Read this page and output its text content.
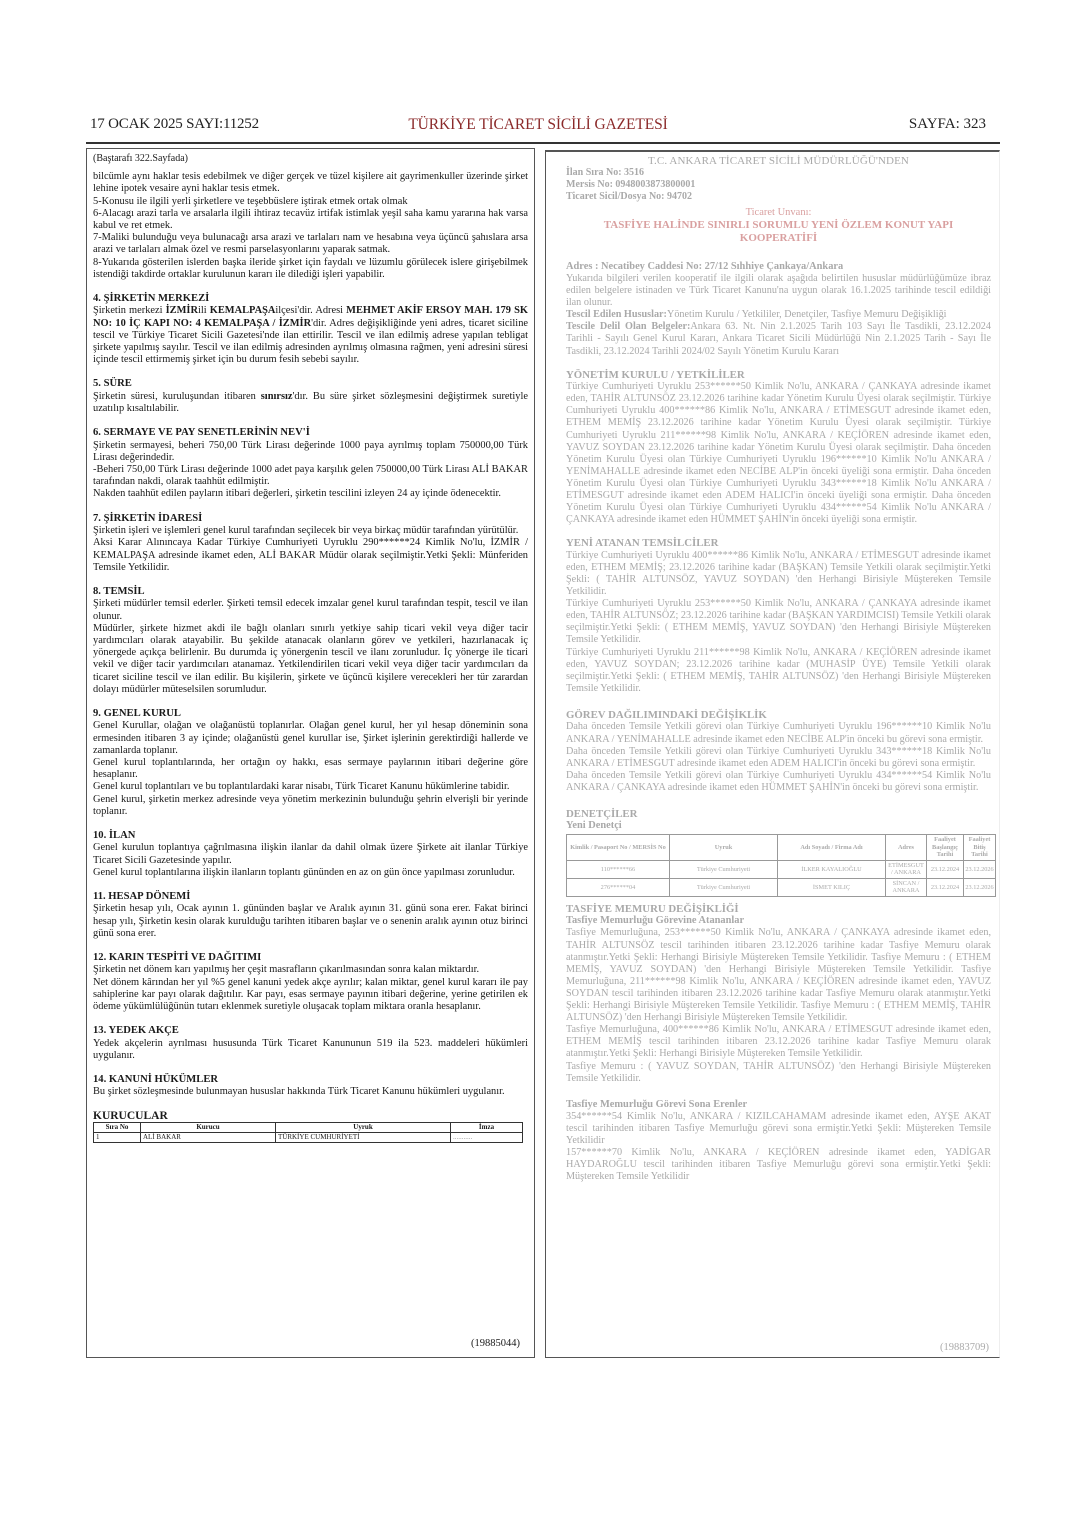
17 OCAK 2025 SAYI:11252	TÜRKİYE TİCARET SİCİLİ GAZETESİ	SAYFA: 323

(Baştarafı 322.Sayfada)

bilcümle aynı haklar tesis edebilmek ve diğer gerçek ve tüzel kişilere ait gayrimenkuller üzerinde şirket lehine ipotek vesaire ayni haklar tesis etmek.

5-Konusu ile ilgili yerli şirketlere ve teşebbüslere iştirak etmek ortak olmak

6-Alacagı arazi tarla ve arsalarla ilgili ihtiraz tecavüz irtifak istimlak yeşil saha kamu yararına hak varsa kabul ve ret etmek.

7-Maliki bulunduğu veya bulunacağı arsa arazi ve tarlaları nam ve hesabına veya üçüncü şahıslara arsa arazi ve tarlaları almak özel ve resmi parselasyonlarını yaparak satmak.

8-Yukarıda gösterilen islerden başka ileride şirket için faydalı ve lüzumlu görülecek islere girişebilmek istendiği takdirde ortaklar kurulunun kararı ile dilediği işleri yapabilir.

4. ŞİRKETİN MERKEZİ

Şirketin merkezi İZMİRili KEMALPAŞAilçesi'dir. Adresi MEHMET AKİF ERSOY MAH. 179 SK NO: 10 İÇ KAPI NO: 4 KEMALPAŞA / İZMİR'dir. Adres değişikliğinde yeni adres, ticaret siciline tescil ve Türkiye Ticaret Sicili Gazetesi'nde ilan ettirilir. Tescil ve ilan edilmiş adrese yapılan tebligat şirkete yapılmış sayılır. Tescil ve ilan edilmiş adresinden ayrılmış olmasına rağmen, yeni adresini süresi içinde tescil ettirmemiş şirket için bu durum fesih sebebi sayılır.

5. SÜRE

Şirketin süresi, kuruluşundan itibaren sınırsız'dır. Bu süre şirket sözleşmesini değiştirmek suretiyle uzatılıp kısaltılabilir.

6. SERMAYE VE PAY SENETLERİNİN NEV'İ

Şirketin sermayesi, beheri 750,00 Türk Lirası değerinde 1000 paya ayrılmış toplam 750000,00 Türk Lirası değerindedir.

-Beheri 750,00 Türk Lirası değerinde 1000 adet paya karşılık gelen 750000,00 Türk Lirası ALİ BAKAR tarafından nakdi, olarak taahhüt edilmiştir.

Nakden taahhüt edilen payların itibari değerleri, şirketin tescilini izleyen 24 ay içinde ödenecektir.

7. ŞİRKETİN İDARESİ

Şirketin işleri ve işlemleri genel kurul tarafından seçilecek bir veya birkaç müdür tarafından yürütülür.

Aksi Karar Alınıncaya Kadar Türkiye Cumhuriyeti Uyruklu 290******24 Kimlik No'lu, İZMİR / KEMALPAŞA adresinde ikamet eden, ALİ BAKAR Müdür olarak seçilmiştir.Yetki Şekli: Münferiden Temsile Yetkilidir.

8. TEMSİL

Şirketi müdürler temsil ederler. Şirketi temsil edecek imzalar genel kurul tarafından tespit, tescil ve ilan olunur.

Müdürler, şirkete hizmet akdi ile bağlı olanları sınırlı yetkiye sahip ticari vekil veya diğer tacir yardımcıları olarak atayabilir. Bu şekilde atanacak olanların görev ve yetkileri, hazırlanacak iç yönergede açıkça belirlenir. Bu durumda iç yönergenin tescil ve ilanı zorunludur. İç yönerge ile ticari vekil ve diğer tacir yardımcıları atanamaz. Yetkilendirilen ticari vekil veya diğer tacir yardımcıları da ticaret siciline tescil ve ilan edilir. Bu kişilerin, şirkete ve üçüncü kişilere verecekleri her tür zarardan dolayı müdürler müteselsilen sorumludur.

9. GENEL KURUL

Genel Kurullar, olağan ve olağanüstü toplanırlar. Olağan genel kurul, her yıl hesap döneminin sona ermesinden itibaren 3 ay içinde; olağanüstü genel kurullar ise, Şirket işlerinin gerektirdiği hallerde ve zamanlarda toplanır.

Genel kurul toplantılarında, her ortağın oy hakkı, esas sermaye paylarının itibari değerine göre hesaplanır.

Genel kurul toplantıları ve bu toplantılardaki karar nisabı, Türk Ticaret Kanunu hükümlerine tabidir.

Genel kurul, şirketin merkez adresinde veya yönetim merkezinin bulunduğu şehrin elverişli bir yerinde toplanır.

10. İLAN

Genel kurulun toplantıya çağrılmasına ilişkin ilanlar da dahil olmak üzere Şirkete ait ilanlar Türkiye Ticaret Sicili Gazetesinde yapılır.

Genel kurul toplantılarına ilişkin ilanların toplantı gününden en az on gün önce yapılması zorunludur.

11. HESAP DÖNEMİ

Şirketin hesap yılı, Ocak ayının 1. gününden başlar ve Aralık ayının 31. günü sona erer. Fakat birinci hesap yılı, Şirketin kesin olarak kurulduğu tarihten itibaren başlar ve o senenin aralık ayının otuz birinci günü sona erer.

12. KARIN TESPİTİ VE DAĞITIMI

Şirketin net dönem karı yapılmış her çeşit masrafların çıkarılmasından sonra kalan miktardır.

Net dönem kârından her yıl %5 genel kanuni yedek akçe ayrılır; kalan miktar, genel kurul kararı ile pay sahiplerine kar payı olarak dağıtılır. Kar payı, esas sermaye payının itibari değerine, yerine getirilen ek ödeme yükümlülüğünün tutarı eklenmek suretiyle oluşacak toplam miktara oranla hesaplanır.

13. YEDEK AKÇE

Yedek akçelerin ayrılması hususunda Türk Ticaret Kanununun 519 ila 523. maddeleri hükümleri uygulanır.

14. KANUNİ HÜKÜMLER

Bu şirket sözleşmesinde bulunmayan hususlar hakkında Türk Ticaret Kanunu hükümleri uygulanır.

KURUCULAR

Sıra No	Kurucu	Uyruk	İmza
1	ALİ BAKAR	TÜRKİYE CUMHURİYETİ	...........
(19885044)

T.C. ANKARA TİCARET SİCİLİ MÜDÜRLÜĞÜ'NDEN

İlan Sıra No: 3516

Mersis No: 0948003873800001

Ticaret Sicil/Dosya No: 94702

Ticaret Unvanı:

TASFİYE HALİNDE SINIRLI SORUMLU YENİ ÖZLEM KONUT YAPI KOOPERATİFİ

Adres : Necatibey Caddesi No: 27/12 Sıhhiye Çankaya/Ankara

Yukarıda bilgileri verilen kooperatif ile ilgili olarak aşağıda belirtilen hususlar müdürlüğümüze ibraz edilen belgelere istinaden ve Türk Ticaret Kanunu'na uygun olarak 16.1.2025 tarihinde tescil edildiği ilan olunur.

Tescil Edilen Hususlar:Yönetim Kurulu / Yetkililer, Denetçiler, Tasfiye Memuru Değişikliği

Tescile Delil Olan Belgeler:Ankara 63. Nt. Nin 2.1.2025 Tarih 103 Sayı İle Tasdikli, 23.12.2024 Tarihli - Sayılı Genel Kurul Kararı, Ankara Ticaret Sicili Müdürlüğü Nin 2.1.2025 Tarih - Sayı İle Tasdikli, 23.12.2024 Tarihli 2024/02 Sayılı Yönetim Kurulu Kararı

YÖNETİM KURULU / YETKİLİLER

Türkiye Cumhuriyeti Uyruklu 253******50 Kimlik No'lu, ANKARA / ÇANKAYA adresinde ikamet eden, TAHİR ALTUNSÖZ 23.12.2026 tarihine kadar Yönetim Kurulu Üyesi olarak seçilmiştir. Türkiye Cumhuriyeti Uyruklu 400******86 Kimlik No'lu, ANKARA / ETİMESGUT adresinde ikamet eden, ETHEM MEMİŞ 23.12.2026 tarihine kadar Yönetim Kurulu Üyesi olarak seçilmiştir. Türkiye Cumhuriyeti Uyruklu 211******98 Kimlik No'lu, ANKARA / KEÇİÖREN adresinde ikamet eden, YAVUZ SOYDAN 23.12.2026 tarihine kadar Yönetim Kurulu Üyesi olarak seçilmiştir. Daha önceden Yönetim Kurulu Üyesi olan Türkiye Cumhuriyeti Uyruklu 196******10 Kimlik No'lu ANKARA / YENİMAHALLE adresinde ikamet eden NECİBE ALP'in önceki üyeliği sona ermiştir. Daha önceden Yönetim Kurulu Üyesi olan Türkiye Cumhuriyeti Uyruklu 343******18 Kimlik No'lu ANKARA / ETİMESGUT adresinde ikamet eden ADEM HALICI'in önceki üyeliği sona ermiştir. Daha önceden Yönetim Kurulu Üyesi olan Türkiye Cumhuriyeti Uyruklu 434******54 Kimlik No'lu ANKARA / ÇANKAYA adresinde ikamet eden HÜMMET ŞAHİN'in önceki üyeliği sona ermiştir.

YENİ ATANAN TEMSİLCİLER

Türkiye Cumhuriyeti Uyruklu 400******86 Kimlik No'lu, ANKARA / ETİMESGUT adresinde ikamet eden, ETHEM MEMİŞ; 23.12.2026 tarihine kadar (BAŞKAN) Temsile Yetkili olarak seçilmiştir.Yetki Şekli: ( TAHİR ALTUNSÖZ, YAVUZ SOYDAN) 'den Herhangi Birisiyle Müştereken Temsile Yetkilidir.

Türkiye Cumhuriyeti Uyruklu 253******50 Kimlik No'lu, ANKARA / ÇANKAYA adresinde ikamet eden, TAHİR ALTUNSÖZ; 23.12.2026 tarihine kadar (BAŞKAN YARDIMCISI) Temsile Yetkili olarak seçilmiştir.Yetki Şekli: ( ETHEM MEMİŞ, YAVUZ SOYDAN) 'den Herhangi Birisiyle Müştereken Temsile Yetkilidir.

Türkiye Cumhuriyeti Uyruklu 211******98 Kimlik No'lu, ANKARA / KEÇİÖREN adresinde ikamet eden, YAVUZ SOYDAN; 23.12.2026 tarihine kadar (MUHASİP ÜYE) Temsile Yetkili olarak seçilmiştir.Yetki Şekli: ( ETHEM MEMİŞ, TAHİR ALTUNSÖZ) 'den Herhangi Birisiyle Müştereken Temsile Yetkilidir.

GÖREV DAĞILIMINDAKİ DEĞİŞİKLİK

Daha önceden Temsile Yetkili görevi olan Türkiye Cumhuriyeti Uyruklu 196******10 Kimlik No'lu ANKARA / YENİMAHALLE adresinde ikamet eden NECİBE ALP'in önceki bu görevi sona ermiştir.

Daha önceden Temsile Yetkili görevi olan Türkiye Cumhuriyeti Uyruklu 343******18 Kimlik No'lu ANKARA / ETİMESGUT adresinde ikamet eden ADEM HALICI'in önceki bu görevi sona ermiştir.

Daha önceden Temsile Yetkili görevi olan Türkiye Cumhuriyeti Uyruklu 434******54 Kimlik No'lu ANKARA / ÇANKAYA adresinde ikamet eden HÜMMET ŞAHİN'in önceki bu görevi sona ermiştir.

DENETÇİLER

Yeni Denetçi

Kimlik / Pasaport No / MERSİS No	Uyruk	Adı Soyadı / Firma Adı	Adres	Faaliyet Başlangıç Tarihi	Faaliyet Bitiş Tarihi
110******66	Türkiye Cumhuriyeti	İLKER KAYALIOĞLU	ETİMESGUT / ANKARA	23.12.2024	23.12.2026
276******04	Türkiye Cumhuriyeti	İSMET KILIÇ	SİNCAN / ANKARA	23.12.2024	23.12.2026

TASFİYE MEMURU DEĞİŞİKLİĞİ

Tasfiye Memurluğu Görevine Atananlar

Tasfiye Memurluğuna, 253******50 Kimlik No'lu, ANKARA / ÇANKAYA adresinde ikamet eden, TAHİR ALTUNSÖZ tescil tarihinden itibaren 23.12.2026 tarihine kadar Tasfiye Memuru olarak atanmıştır.Yetki Şekli: Herhangi Birisiyle Müştereken Temsile Yetkilidir. Tasfiye Memuru : ( ETHEM MEMİŞ, YAVUZ SOYDAN) 'den Herhangi Birisiyle Müştereken Temsile Yetkilidir. Tasfiye Memurluğuna, 211******98 Kimlik No'lu, ANKARA / KEÇİÖREN adresinde ikamet eden, YAVUZ SOYDAN tescil tarihinden itibaren 23.12.2026 tarihine kadar Tasfiye Memuru olarak atanmıştır.Yetki Şekli: Herhangi Birisiyle Müştereken Temsile Yetkilidir. Tasfiye Memuru : ( ETHEM MEMİŞ, TAHİR ALTUNSÖZ) 'den Herhangi Birisiyle Müştereken Temsile Yetkilidir.

Tasfiye Memurluğuna, 400******86 Kimlik No'lu, ANKARA / ETİMESGUT adresinde ikamet eden, ETHEM MEMİŞ tescil tarihinden itibaren 23.12.2026 tarihine kadar Tasfiye Memuru olarak atanmıştır.Yetki Şekli: Herhangi Birisiyle Müştereken Temsile Yetkilidir.

Tasfiye Memuru : ( YAVUZ SOYDAN, TAHİR ALTUNSÖZ) 'den Herhangi Birisiyle Müştereken Temsile Yetkilidir.

Tasfiye Memurluğu Görevi Sona Erenler

354******54 Kimlik No'lu, ANKARA / KIZILCAHAMAM adresinde ikamet eden, AYŞE AKAT tescil tarihinden itibaren Tasfiye Memurluğu görevi sona ermiştir.Yetki Şekli: Müştereken Temsile Yetkilidir

157******70 Kimlik No'lu, ANKARA / KEÇİÖREN adresinde ikamet eden, YADİGAR HAYDAROĞLU tescil tarihinden itibaren Tasfiye Memurluğu görevi sona ermiştir.Yetki Şekli: Müştereken Temsile Yetkilidir

(19883709)
